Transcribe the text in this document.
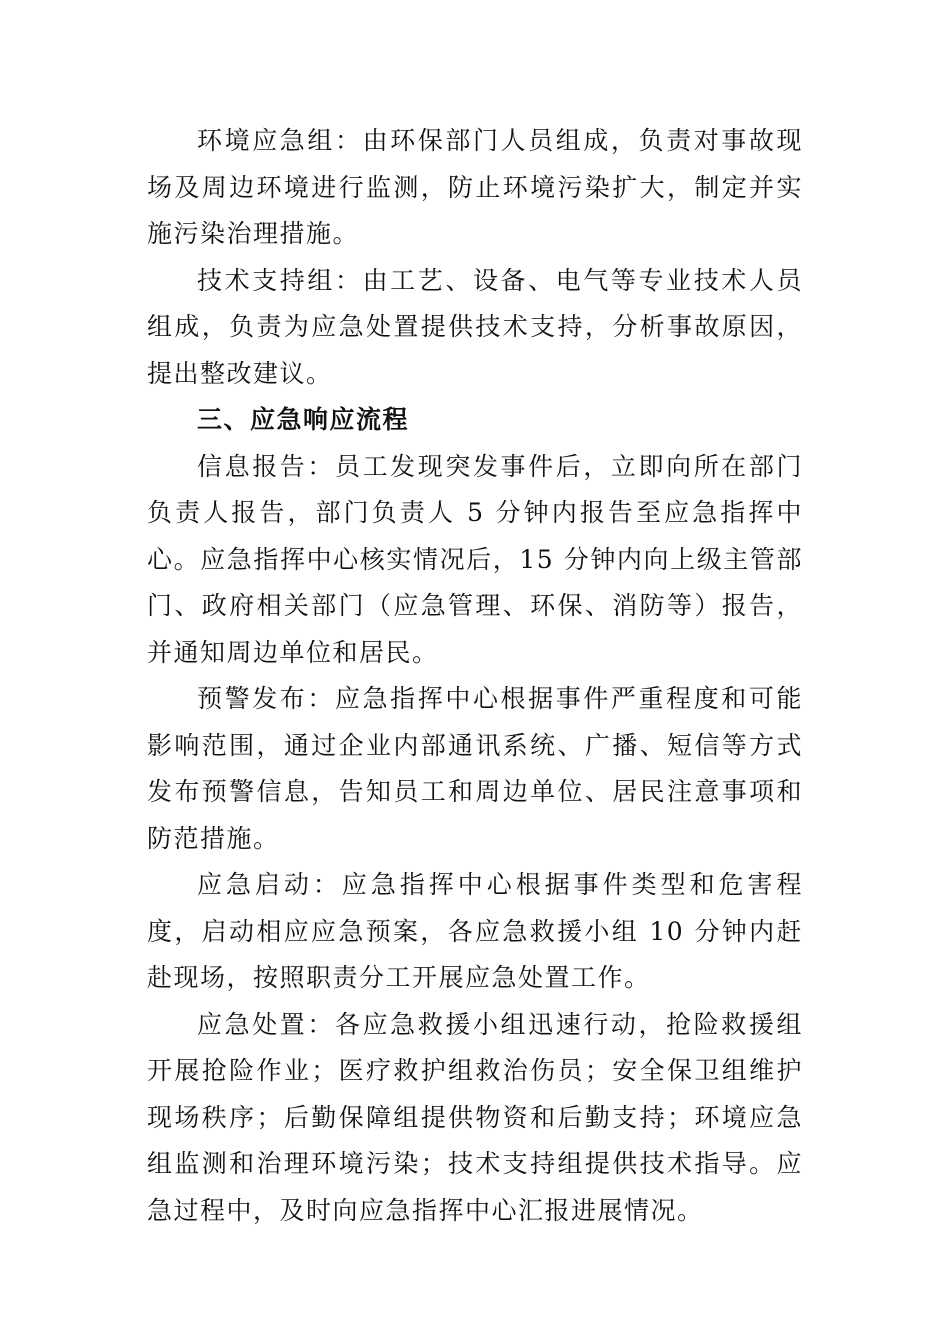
环境应急组：由环保部门人员组成，负责对事故现场及周边环境进行监测，防止环境污染扩大，制定并实施污染治理措施。

技术支持组：由工艺、设备、电气等专业技术人员组成，负责为应急处置提供技术支持，分析事故原因，提出整改建议。

三、应急响应流程

信息报告：员工发现突发事件后，立即向所在部门负责人报告，部门负责人 5 分钟内报告至应急指挥中心。应急指挥中心核实情况后，15 分钟内向上级主管部门、政府相关部门（应急管理、环保、消防等）报告，并通知周边单位和居民。

预警发布：应急指挥中心根据事件严重程度和可能影响范围，通过企业内部通讯系统、广播、短信等方式发布预警信息，告知员工和周边单位、居民注意事项和防范措施。

应急启动：应急指挥中心根据事件类型和危害程度，启动相应应急预案，各应急救援小组 10 分钟内赶赴现场，按照职责分工开展应急处置工作。

应急处置：各应急救援小组迅速行动，抢险救援组开展抢险作业；医疗救护组救治伤员；安全保卫组维护现场秩序；后勤保障组提供物资和后勤支持；环境应急组监测和治理环境污染；技术支持组提供技术指导。应急过程中，及时向应急指挥中心汇报进展情况。
